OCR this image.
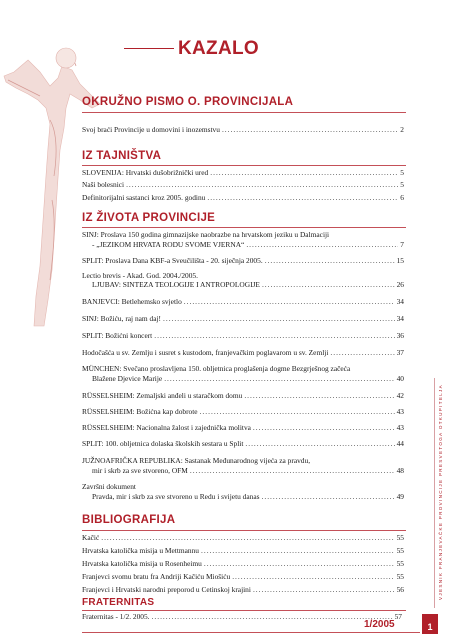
KAZALO
OKRUŽNO PISMO O. PROVINCIJALA
Svoj braći Provincije u domovini i inozemstvu .....	2
IZ TAJNIŠTVA
SLOVENIJA: Hrvatski dušobrižnički ured .....	5
Naši bolesnici .....	5
Definitorijalni sastanci kroz 2005. godinu .....	6
IZ ŽIVOTA PROVINCIJE
SINJ: Proslava 150 godina gimnazijske naobrazbe na hrvatskom jeziku u Dalmaciji
- „JEZIKOM HRVATA RODU SVOME VJERNA“ .....	7
SPLIT: Proslava Dana KBF-a Sveučilišta - 20. siječnja 2005. .....	15
Lectio brevis - Akad. God. 2004./2005.
LJUBAV: SINTEZA TEOLOGIJE I ANTROPOLOGIJE .....	26
BANJEVCI: Betlehemsko svjetlo .....	34
SINJ: Božiću, raj nam daj! .....	34
SPLIT: Božićni koncert .....	36
Hodočašća u sv. Zemlju i susret s kustodom, franjevačkim poglavarom u sv. Zemlji .....	37
MÜNCHEN: Svečano proslavljena 150. obljetnica proglašenja dogme Bezgrješnog začeća
Blažene Djevice Marije .....	40
RÜSSELSHEIM: Zemaljski anđeli u staračkom domu .....	42
RÜSSELSHEIM: Božićna kap dobrote .....	43
RÜSSELSHEIM: Nacionalna žalost i zajednička molitva .....	43
SPLIT: 100. obljetnica dolaska školskih sestara u Split .....	44
JUŽNOAFRIČKA REPUBLIKA: Sastanak Međunarodnog vijeća za pravdu,
mir i skrb za sve stvoreno, OFM .....	48
Završni dokument
Pravda, mir i skrb za sve stvoreno u Redu i svijetu danas .....	49
BIBLIOGRAFIJA
Kačić .....	55
Hrvatska katolička misija u Mettmannu .....	55
Hrvatska katolička misija u Rosenheimu .....	55
Franjevci svomu bratu fra Andriji Kačiću Miošiću .....	55
Franjevci i Hrvatski narodni preporod u Cetinskoj krajini .....	56
FRATERNITAS
Fraternitas - 1/2. 2005. .....	57
VJESNIK FRANJEVAČKE PROVINCIJE PRESVETOGA OTKUPITELJA
1/2005	1
